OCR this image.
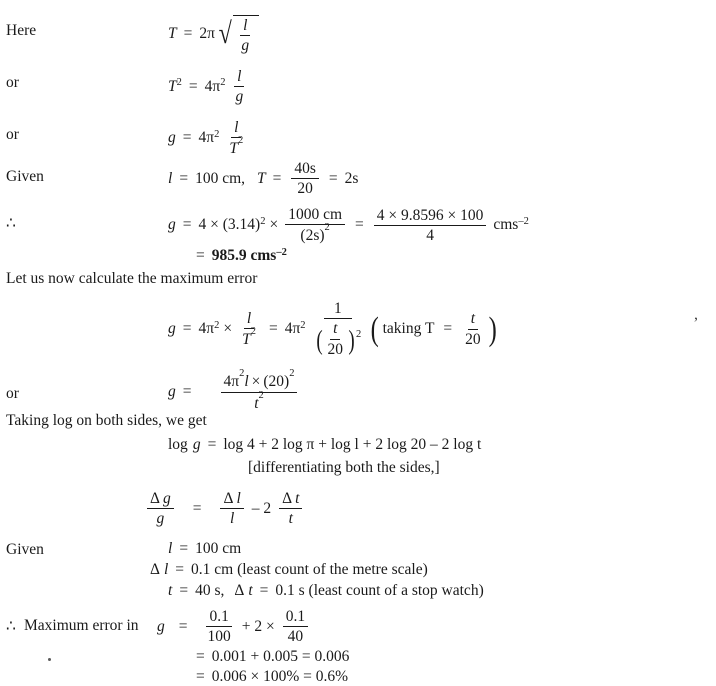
Here	T = 2π √ $\frac{l}{g}$
or	T 2 = 4π $2 \frac{l}{g}$
or	g = 4π $2 \frac{l}{T^2}$
Given	l = 100 cm, $T = \frac{40s}{20} = 2s$
∴	g = 4 × (3.14) $2 \times \frac{1000 cm}{(2s)^2} = \frac{4 \times 9.8596 \times 100}{4}$ cms –2
= 985.9 cms –2
Let us now calculate the maximum error
g = 4π $2 \times \frac{l}{T^2} = 4\pi$ 2
1
( $\frac{t}{20}$ ) 2 ( taking $T = \frac{t}{20}$ )	,
or	$g = \frac{4\pi^2l \times (20)^2}{t^2}$
Taking log on both sides, we get
log g = log 4 + 2 log π + log l + 2 log 20 – 2 log t
[differentiating both the sides,]
$\frac{\text{Δ g}}{g} = \frac{\text{Δ l}}{l} - 2 \frac{\text{Δ t}}{t}$
Given	l = 100 cm
Δ l = 0.1 cm (least count of the metre scale)
t = 40 s, Δ t = 0.1 s (least count of a stop watch)
∴ Maximum error in $g = \frac{0.1}{100} + 2 \times \frac{0.1}{40}$
= 0.001 + 0.005 = 0.006
= 0.006 × 100% = 0.6%
